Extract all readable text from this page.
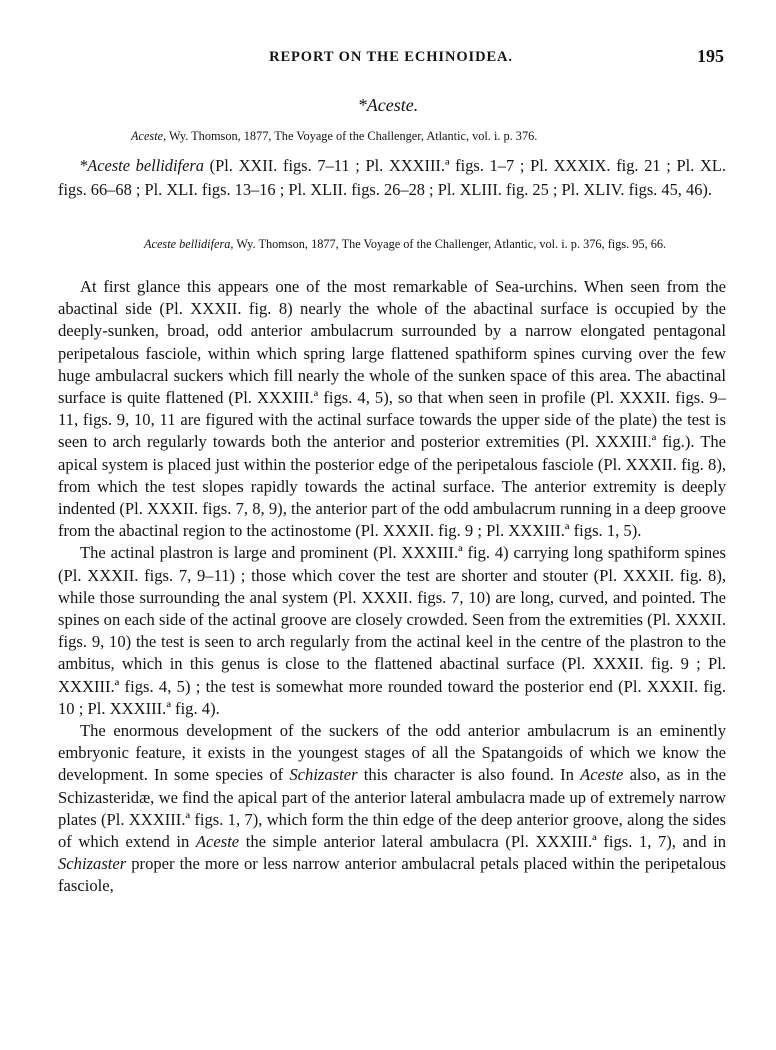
REPORT ON THE ECHINOIDEA.	195
*Aceste.
Aceste, Wy. Thomson, 1877, The Voyage of the Challenger, Atlantic, vol. i. p. 376.
*Aceste bellidifera (Pl. XXII. figs. 7–11 ; Pl. XXXIII.ª figs. 1–7 ; Pl. XXXIX. fig. 21 ; Pl. XL. figs. 66–68 ; Pl. XLI. figs. 13–16 ; Pl. XLII. figs. 26–28 ; Pl. XLIII. fig. 25 ; Pl. XLIV. figs. 45, 46).
Aceste bellidifera, Wy. Thomson, 1877, The Voyage of the Challenger, Atlantic, vol. i. p. 376, figs. 95, 66.

At first glance this appears one of the most remarkable of Sea-urchins. When seen from the abactinal side (Pl. XXXII. fig. 8) nearly the whole of the abactinal surface is occupied by the deeply-sunken, broad, odd anterior ambulacrum surrounded by a narrow elongated pentagonal peripetalous fasciole, within which spring large flattened spathiform spines curving over the few huge ambulacral suckers which fill nearly the whole of the sunken space of this area. The abactinal surface is quite flattened (Pl. XXXIII.ª figs. 4, 5), so that when seen in profile (Pl. XXXII. figs. 9–11, figs. 9, 10, 11 are figured with the actinal surface towards the upper side of the plate) the test is seen to arch regularly towards both the anterior and posterior extremities (Pl. XXXIII.ª fig.). The apical system is placed just within the posterior edge of the peripetalous fasciole (Pl. XXXII. fig. 8), from which the test slopes rapidly towards the actinal surface. The anterior extremity is deeply indented (Pl. XXXII. figs. 7, 8, 9), the anterior part of the odd ambulacrum running in a deep groove from the abactinal region to the actinostome (Pl. XXXII. fig. 9 ; Pl. XXXIII.ª figs. 1, 5).

The actinal plastron is large and prominent (Pl. XXXIII.ª fig. 4) carrying long spathiform spines (Pl. XXXII. figs. 7, 9–11) ; those which cover the test are shorter and stouter (Pl. XXXII. fig. 8), while those surrounding the anal system (Pl. XXXII. figs. 7, 10) are long, curved, and pointed. The spines on each side of the actinal groove are closely crowded. Seen from the extremities (Pl. XXXII. figs. 9, 10) the test is seen to arch regularly from the actinal keel in the centre of the plastron to the ambitus, which in this genus is close to the flattened abactinal surface (Pl. XXXII. fig. 9 ; Pl. XXXIII.ª figs. 4, 5) ; the test is somewhat more rounded toward the posterior end (Pl. XXXII. fig. 10 ; Pl. XXXIII.ª fig. 4).

The enormous development of the suckers of the odd anterior ambulacrum is an eminently embryonic feature, it exists in the youngest stages of all the Spatangoids of which we know the development. In some species of Schizaster this character is also found. In Aceste also, as in the Schizasteridæ, we find the apical part of the anterior lateral ambulacra made up of extremely narrow plates (Pl. XXXIII.ª figs. 1, 7), which form the thin edge of the deep anterior groove, along the sides of which extend in Aceste the simple anterior lateral ambulacra (Pl. XXXIII.ª figs. 1, 7), and in Schizaster proper the more or less narrow anterior ambulacral petals placed within the peripetalous fasciole,
